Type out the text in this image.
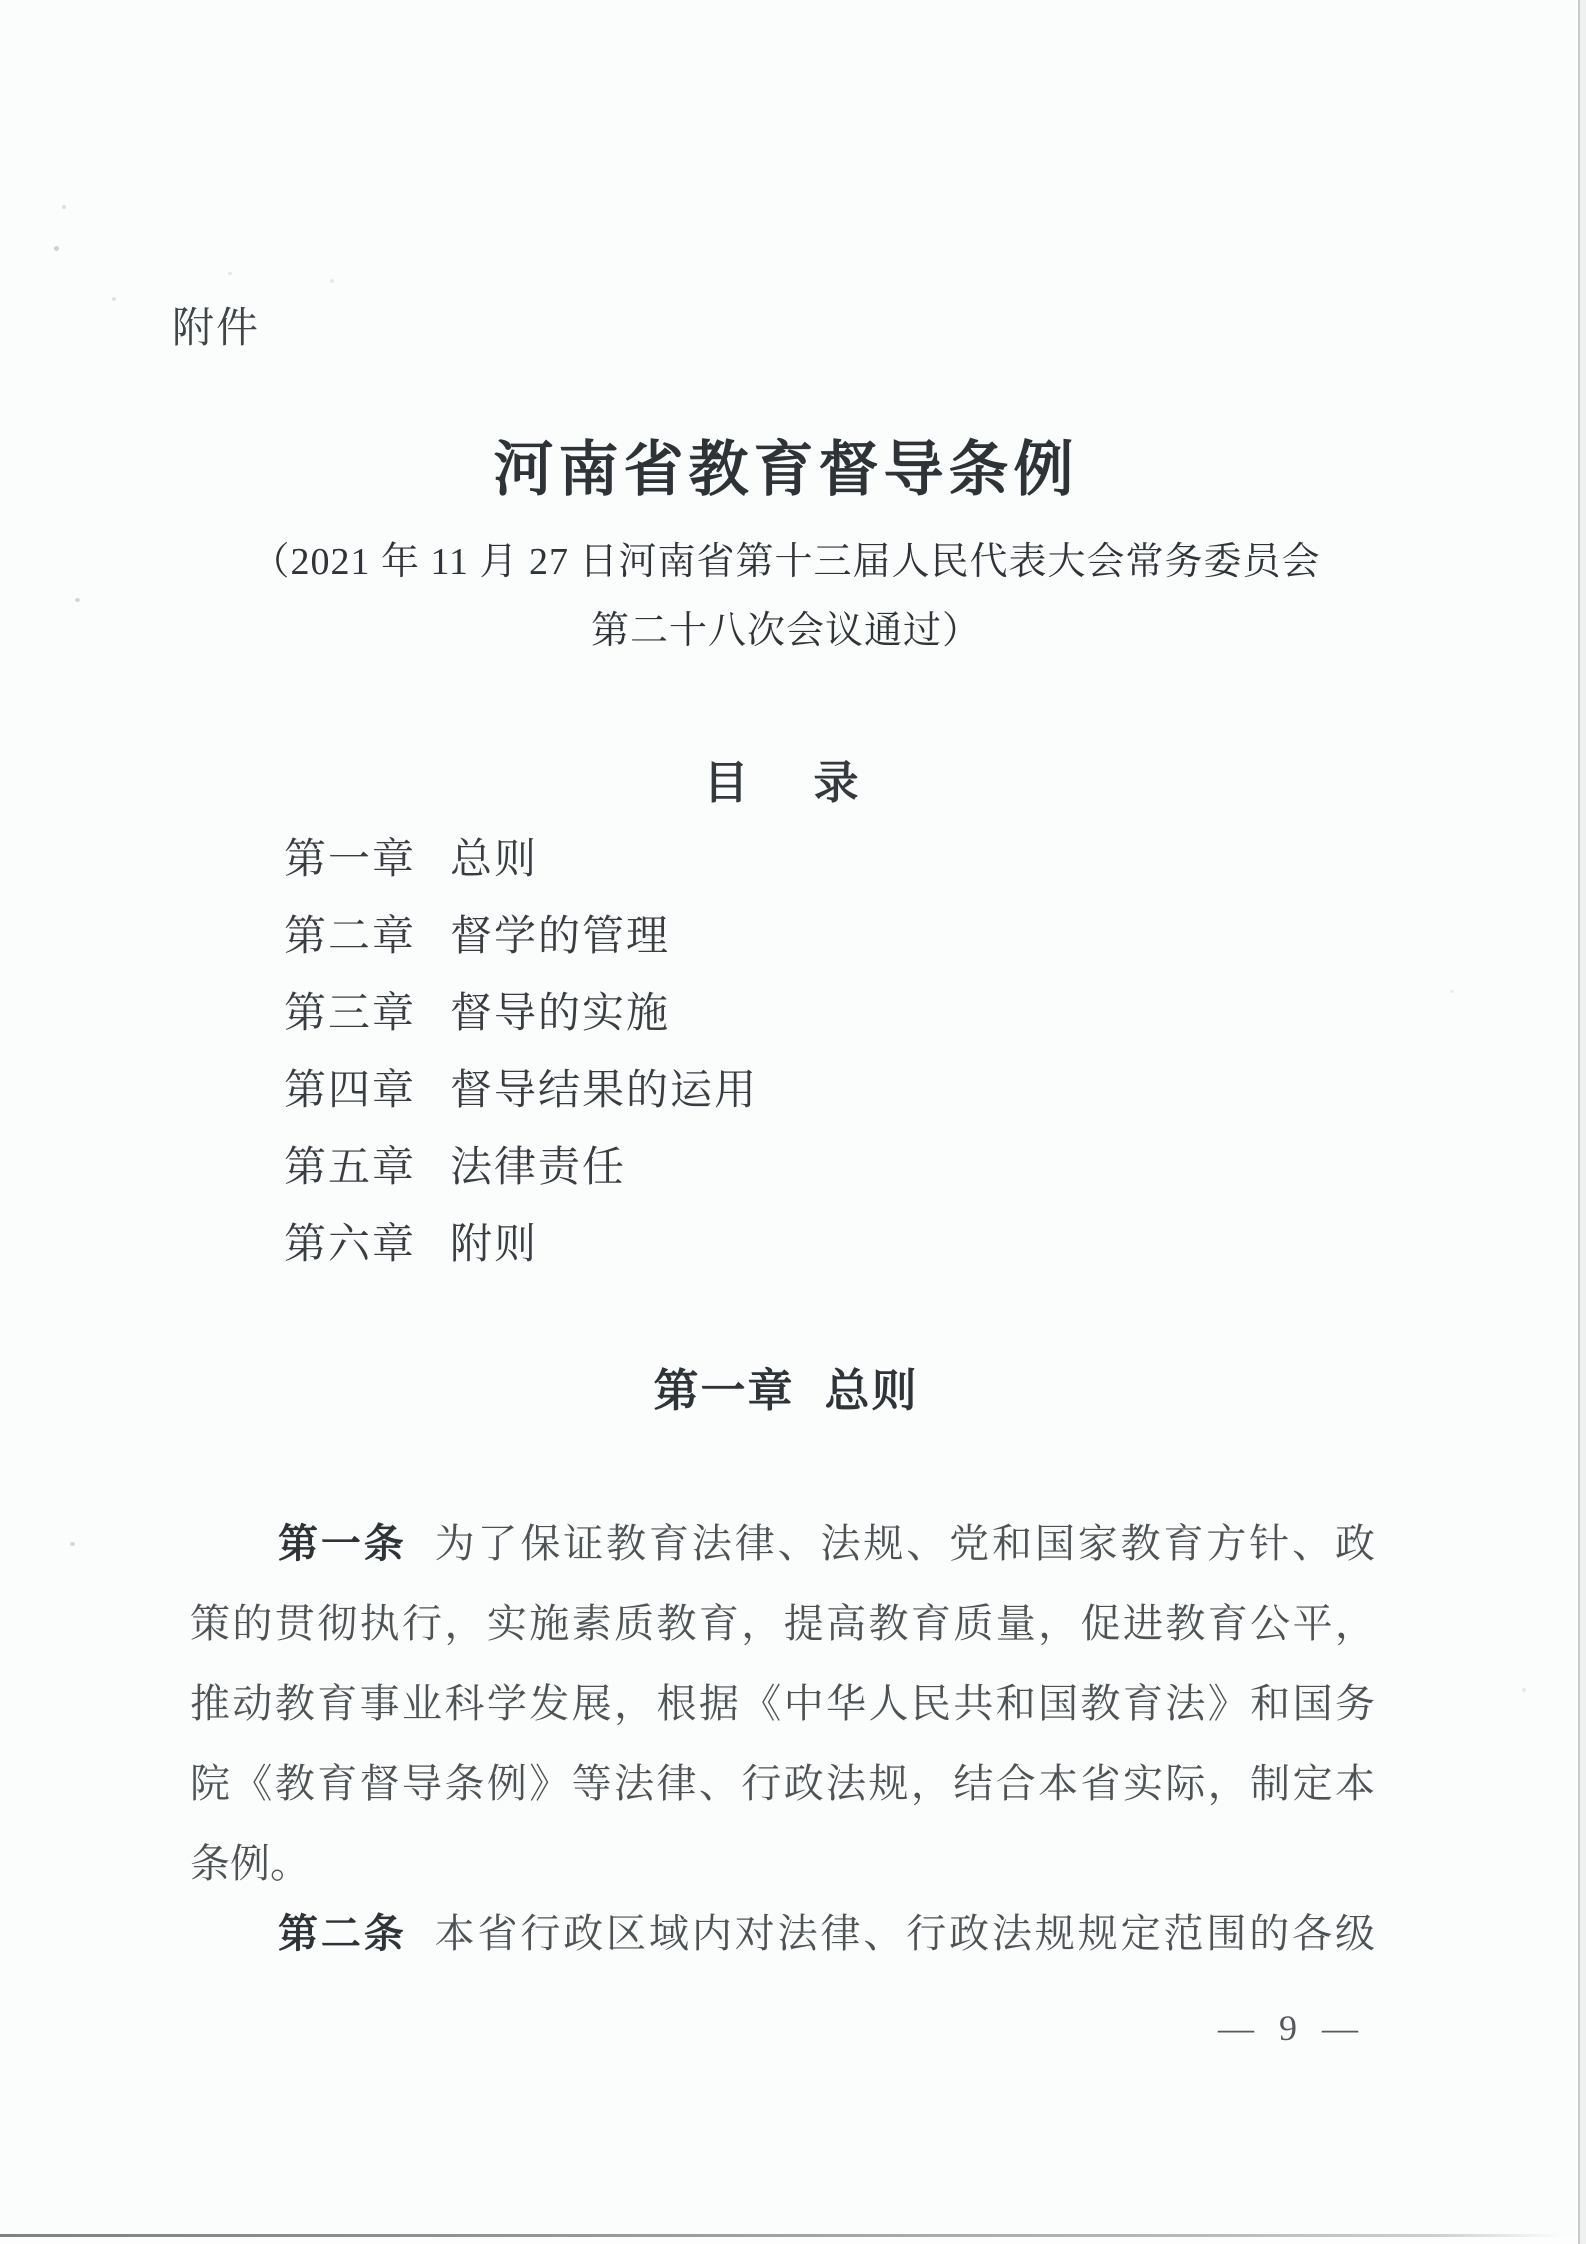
附件
河南省教育督导条例
（2021 年 11 月 27 日河南省第十三届人民代表大会常务委员会
第二十八次会议通过）
目　录
第一章 总则
第二章 督学的管理
第三章 督导的实施
第四章 督导结果的运用
第五章 法律责任
第六章 附则
第一章 总则
第一条 为了保证教育法律、法规、党和国家教育方针、政
策的贯彻执行，实施素质教育，提高教育质量，促进教育公平，
推动教育事业科学发展，根据《中华人民共和国教育法》和国务
院《教育督导条例》等法律、行政法规，结合本省实际，制定本
条例。
第二条 本省行政区域内对法律、行政法规规定范围的各级
— 9 —
